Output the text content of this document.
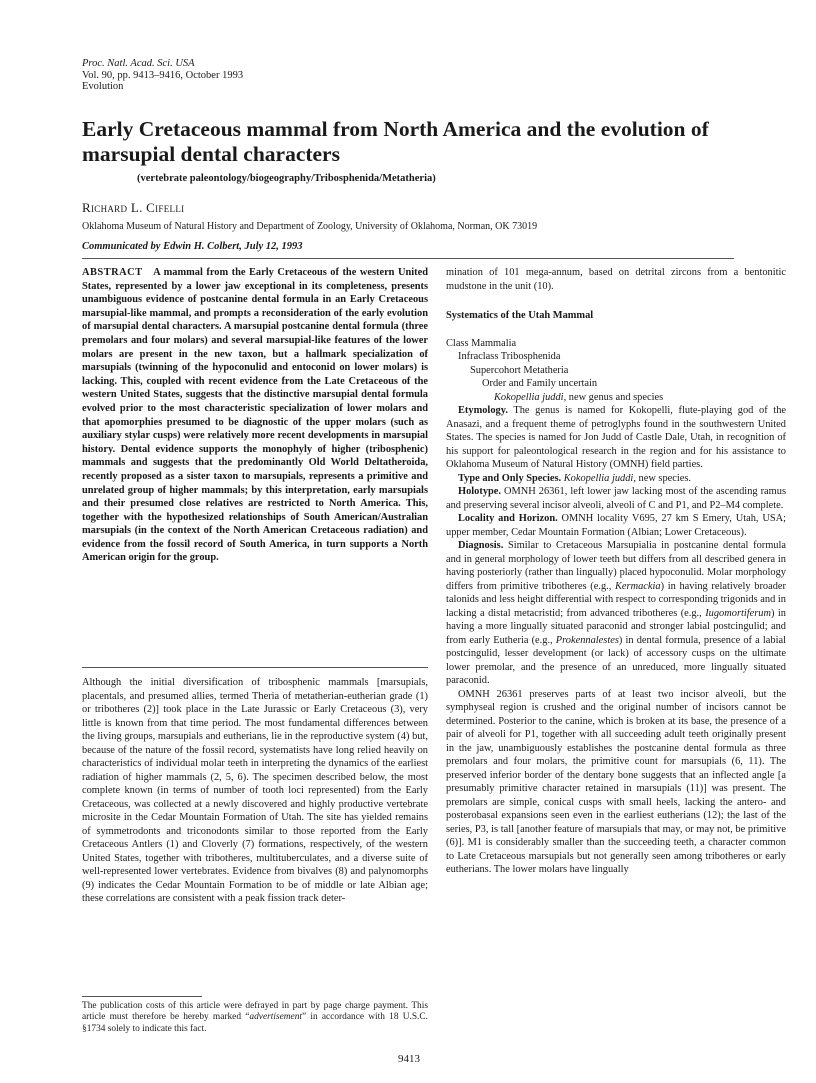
Proc. Natl. Acad. Sci. USA
Vol. 90, pp. 9413–9416, October 1993
Evolution
Early Cretaceous mammal from North America and the evolution of marsupial dental characters
(vertebrate paleontology/biogeography/Tribosphenida/Metatheria)
Richard L. Cifelli
Oklahoma Museum of Natural History and Department of Zoology, University of Oklahoma, Norman, OK 73019
Communicated by Edwin H. Colbert, July 12, 1993
ABSTRACT A mammal from the Early Cretaceous of the western United States, represented by a lower jaw exceptional in its completeness, presents unambiguous evidence of postcanine dental formula in an Early Cretaceous marsupial-like mammal, and prompts a reconsideration of the early evolution of marsupial dental characters. A marsupial postcanine dental formula (three premolars and four molars) and several marsupial-like features of the lower molars are present in the new taxon, but a hallmark specialization of marsupials (twinning of the hypoconulid and entoconid on lower molars) is lacking. This, coupled with recent evidence from the Late Cretaceous of the western United States, suggests that the distinctive marsupial dental formula evolved prior to the most characteristic specialization of lower molars and that apomorphies presumed to be diagnostic of the upper molars (such as auxiliary stylar cusps) were relatively more recent developments in marsupial history. Dental evidence supports the monophyly of higher (tribosphenic) mammals and suggests that the predominantly Old World Deltatheroida, recently proposed as a sister taxon to marsupials, represents a primitive and unrelated group of higher mammals; by this interpretation, early marsupials and their presumed close relatives are restricted to North America. This, together with the hypothesized relationships of South American/Australian marsupials (in the context of the North American Cretaceous radiation) and evidence from the fossil record of South America, in turn supports a North American origin for the group.
Although the initial diversification of tribosphenic mammals [marsupials, placentals, and presumed allies, termed Theria of metatherian-eutherian grade (1) or tribotheres (2)] took place in the Late Jurassic or Early Cretaceous (3), very little is known from that time period. The most fundamental differences between the living groups, marsupials and eutherians, lie in the reproductive system (4) but, because of the nature of the fossil record, systematists have long relied heavily on characteristics of individual molar teeth in interpreting the dynamics of the earliest radiation of higher mammals (2, 5, 6). The specimen described below, the most complete known (in terms of number of tooth loci represented) from the Early Cretaceous, was collected at a newly discovered and highly productive vertebrate microsite in the Cedar Mountain Formation of Utah. The site has yielded remains of symmetrodonts and triconodonts similar to those reported from the Early Cretaceous Antlers (1) and Cloverly (7) formations, respectively, of the western United States, together with tribotheres, multituberculates, and a diverse suite of well-represented lower vertebrates. Evidence from bivalves (8) and palynomorphs (9) indicates the Cedar Mountain Formation to be of middle or late Albian age; these correlations are consistent with a peak fission track deter-
The publication costs of this article were defrayed in part by page charge payment. This article must therefore be hereby marked “advertisement” in accordance with 18 U.S.C. §1734 solely to indicate this fact.

mination of 101 mega-annum, based on detrital zircons from a bentonitic mudstone in the unit (10).

Systematics of the Utah Mammal

Class Mammalia
Infraclass Tribosphenida
Supercohort Metatheria
Order and Family uncertain
Kokopellia juddi, new genus and species

Etymology. The genus is named for Kokopelli, flute-playing god of the Anasazi, and a frequent theme of petroglyphs found in the southwestern United States. The species is named for Jon Judd of Castle Dale, Utah, in recognition of his support for paleontological research in the region and for his assistance to Oklahoma Museum of Natural History (OMNH) field parties.

Type and Only Species. Kokopellia juddi, new species.

Holotype. OMNH 26361, left lower jaw lacking most of the ascending ramus and preserving several incisor alveoli, alveoli of C and P1, and P2–M4 complete.

Locality and Horizon. OMNH locality V695, 27 km S Emery, Utah, USA; upper member, Cedar Mountain Formation (Albian; Lower Cretaceous).

Diagnosis. Similar to Cretaceous Marsupialia in postcanine dental formula and in general morphology of lower teeth but differs from all described genera in having posteriorly (rather than lingually) placed hypoconulid. Molar morphology differs from primitive tribotheres (e.g., Kermackia) in having relatively broader talonids and less height differential with respect to corresponding trigonids and in lacking a distal metacristid; from advanced tribotheres (e.g., Iugomortiferum) in having a more lingually situated paraconid and stronger labial postcingulid; and from early Eutheria (e.g., Prokennalestes) in dental formula, presence of a labial postcingulid, lesser development (or lack) of accessory cusps on the ultimate lower premolar, and the presence of an unreduced, more lingually situated paraconid.

OMNH 26361 preserves parts of at least two incisor alveoli, but the symphyseal region is crushed and the original number of incisors cannot be determined. Posterior to the canine, which is broken at its base, the presence of a pair of alveoli for P1, together with all succeeding adult teeth originally present in the jaw, unambiguously establishes the postcanine dental formula as three premolars and four molars, the primitive count for marsupials (6, 11). The preserved inferior border of the dentary bone suggests that an inflected angle [a presumably primitive character retained in marsupials (11)] was present. The premolars are simple, conical cusps with small heels, lacking the antero- and posterobasal expansions seen even in the earliest eutherians (12); the last of the series, P3, is tall [another feature of marsupials that may, or may not, be primitive (6)]. M1 is considerably smaller than the succeeding teeth, a character common to Late Cretaceous marsupials but not generally seen among tribotheres or early eutherians. The lower molars have lingually

9413
